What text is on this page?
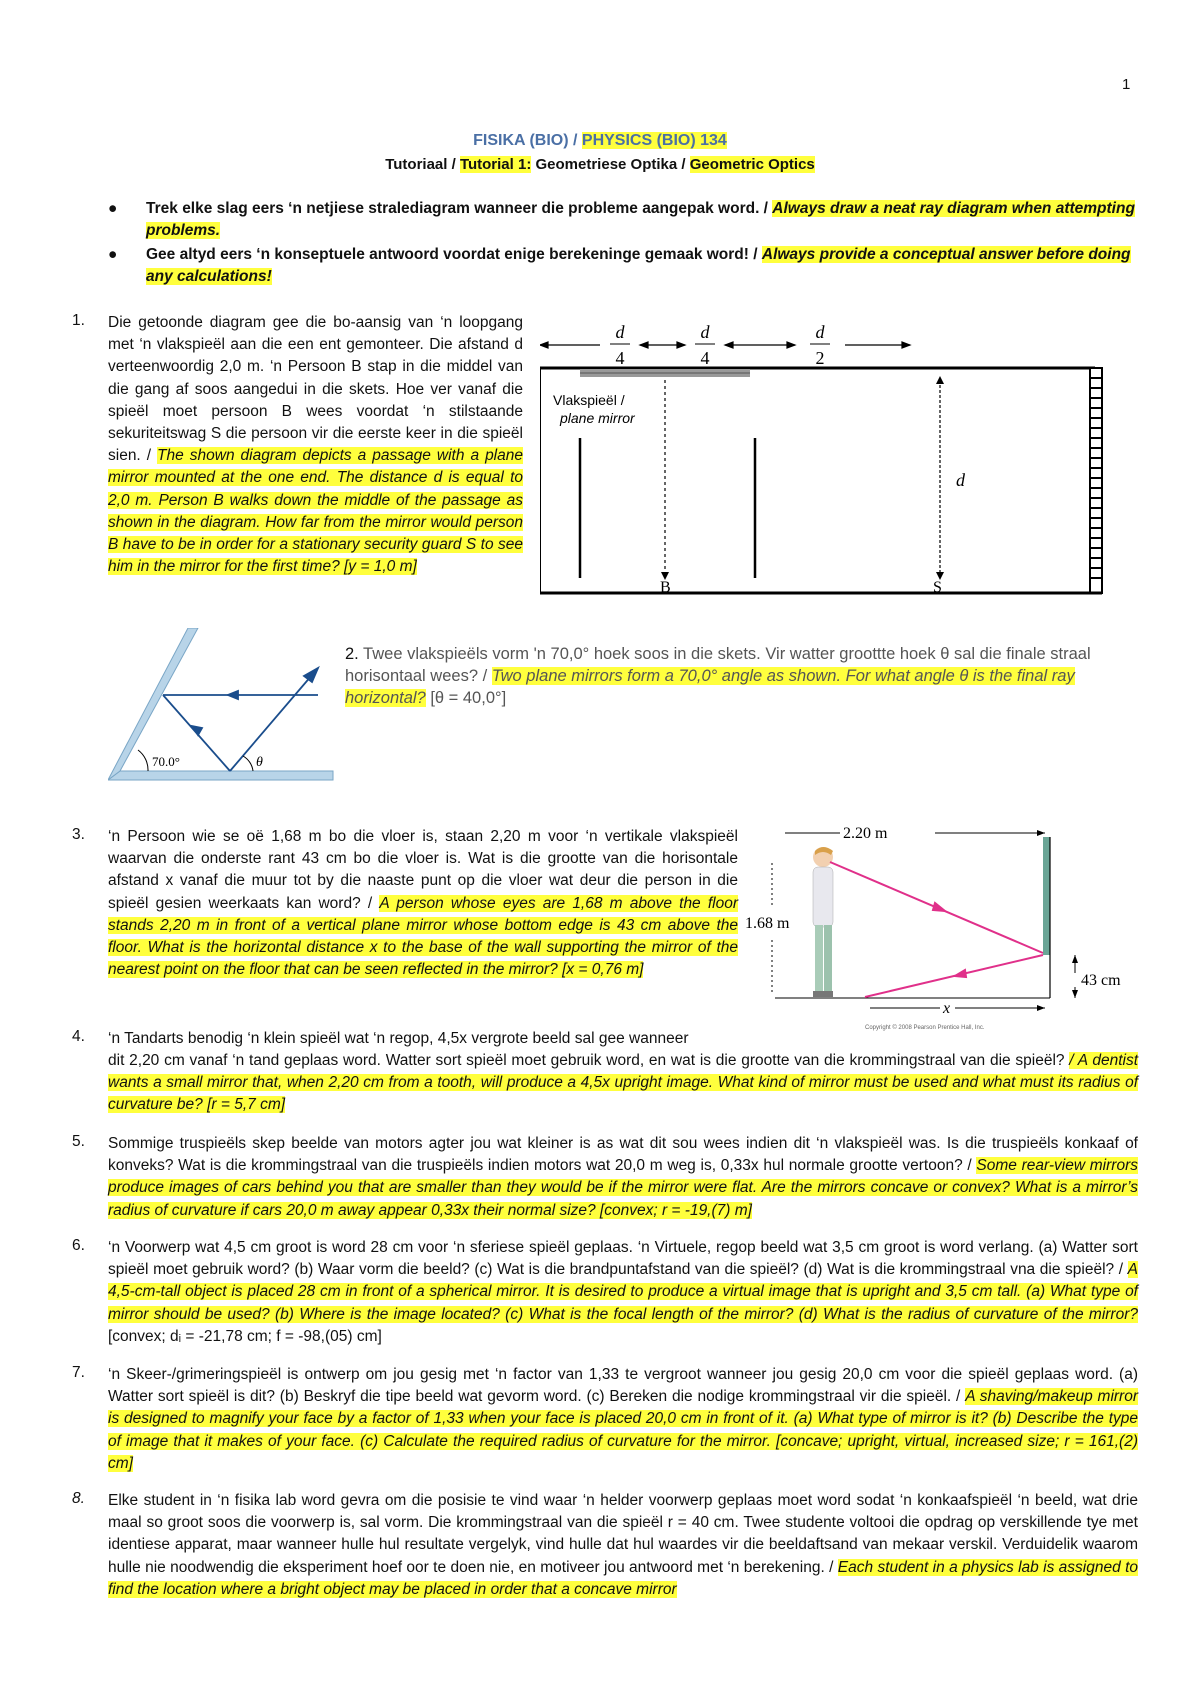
1
FISIKA (BIO) / PHYSICS (BIO) 134
Tutoriaal / Tutorial 1: Geometriese Optika / Geometric Optics
● Trek elke slag eers ‘n netjiese stralediagram wanneer die probleme aangepak word. / Always draw a neat ray diagram when attempting problems.
● Gee altyd eers ‘n konseptuele antwoord voordat enige berekeninge gemaak word! / Always provide a conceptual answer before doing any calculations!
1. Die getoonde diagram gee die bo-aansig van ‘n loopgang met ‘n vlakspieël aan die een ent gemonteer. Die afstand d verteenwoordig 2,0 m. ‘n Persoon B stap in die middel van die gang af soos aangedui in die skets. Hoe ver vanaf die spieël moet persoon B wees voordat ‘n stilstaande sekuriteitswag S die persoon vir die eerste keer in die spieël sien. / The shown diagram depicts a passage with a plane mirror mounted at the one end. The distance d is equal to 2,0 m. Person B walks down the middle of the passage as shown in the diagram. How far from the mirror would person B have to be in order for a stationary security guard S to see him in the mirror for the first time? [y = 1,0 m]
d
4
d
4
d
2
Vlakspieël /
plane mirror
d
B	S
70.0°	θ
2. Twee vlakspieëls vorm 'n 70,0° hoek soos in die skets. Vir watter groottte hoek θ sal die finale straal horisontaal wees? / Two plane mirrors form a 70,0° angle as shown. For what angle θ is the final ray horizontal? [θ = 40,0°]
3. ‘n Persoon wie se oë 1,68 m bo die vloer is, staan 2,20 m voor ‘n vertikale vlakspieël waarvan die onderste rant 43 cm bo die vloer is. Wat is die grootte van die horisontale afstand x vanaf die muur tot by die naaste punt op die vloer wat deur die person in die spieël gesien weerkaats kan word? / A person whose eyes are 1,68 m above the floor stands 2,20 m in front of a vertical plane mirror whose bottom edge is 43 cm above the floor. What is the horizontal distance x to the base of the wall supporting the mirror of the nearest point on the floor that can be seen reflected in the mirror? [x = 0,76 m]
2.20 m
1.68 m
43 cm
x
Copyright © 2008 Pearson Prentice Hall, Inc.
4. ‘n Tandarts benodig ‘n klein spieël wat ‘n regop, 4,5x vergrote beeld sal gee wanneer
dit 2,20 cm vanaf ‘n tand geplaas word. Watter sort spieël moet gebruik word, en wat is die grootte van die krommingstraal van die spieël? / A dentist wants a small mirror that, when 2,20 cm from a tooth, will produce a 4,5x upright image. What kind of mirror must be used and what must its radius of curvature be? [r = 5,7 cm]
5. Sommige truspieëls skep beelde van motors agter jou wat kleiner is as wat dit sou wees indien dit ‘n vlakspieël was. Is die truspieëls konkaaf of konveks? Wat is die krommingstraal van die truspieëls indien motors wat 20,0 m weg is, 0,33x hul normale grootte vertoon? / Some rear-view mirrors produce images of cars behind you that are smaller than they would be if the mirror were flat. Are the mirrors concave or convex? What is a mirror’s radius of curvature if cars 20,0 m away appear 0,33x their normal size? [convex; r = -19,(7) m]
6. ‘n Voorwerp wat 4,5 cm groot is word 28 cm voor ‘n sferiese spieël geplaas. ‘n Virtuele, regop beeld wat 3,5 cm groot is word verlang. (a) Watter sort spieël moet gebruik word? (b) Waar vorm die beeld? (c) Wat is die brandpuntafstand van die spieël? (d) Wat is die krommingstraal vna die spieël? / A 4,5-cm-tall object is placed 28 cm in front of a spherical mirror. It is desired to produce a virtual image that is upright and 3,5 cm tall. (a) What type of mirror should be used? (b) Where is the image located? (c) What is the focal length of the mirror? (d) What is the radius of curvature of the mirror? [convex; dᵢ = -21,78 cm; f = -98,(05) cm]
7. ‘n Skeer-/grimeringspieël is ontwerp om jou gesig met ‘n factor van 1,33 te vergroot wanneer jou gesig 20,0 cm voor die spieël geplaas word. (a) Watter sort spieël is dit? (b) Beskryf die tipe beeld wat gevorm word. (c) Bereken die nodige krommingstraal vir die spieël. / A shaving/makeup mirror is designed to magnify your face by a factor of 1,33 when your face is placed 20,0 cm in front of it. (a) What type of mirror is it? (b) Describe the type of image that it makes of your face. (c) Calculate the required radius of curvature for the mirror. [concave; upright, virtual, increased size; r = 161,(2) cm]
8. Elke student in ‘n fisika lab word gevra om die posisie te vind waar ‘n helder voorwerp geplaas moet word sodat ‘n konkaafspieël ‘n beeld, wat drie maal so groot soos die voorwerp is, sal vorm. Die krommingstraal van die spieël r = 40 cm. Twee studente voltooi die opdrag op verskillende tye met identiese apparat, maar wanneer hulle hul resultate vergelyk, vind hulle dat hul waardes vir die beeldaftsand van mekaar verskil. Verduidelik waarom hulle nie noodwendig die eksperiment hoef oor te doen nie, en motiveer jou antwoord met ‘n berekening. / Each student in a physics lab is assigned to find the location where a bright object may be placed in order that a concave mirror
